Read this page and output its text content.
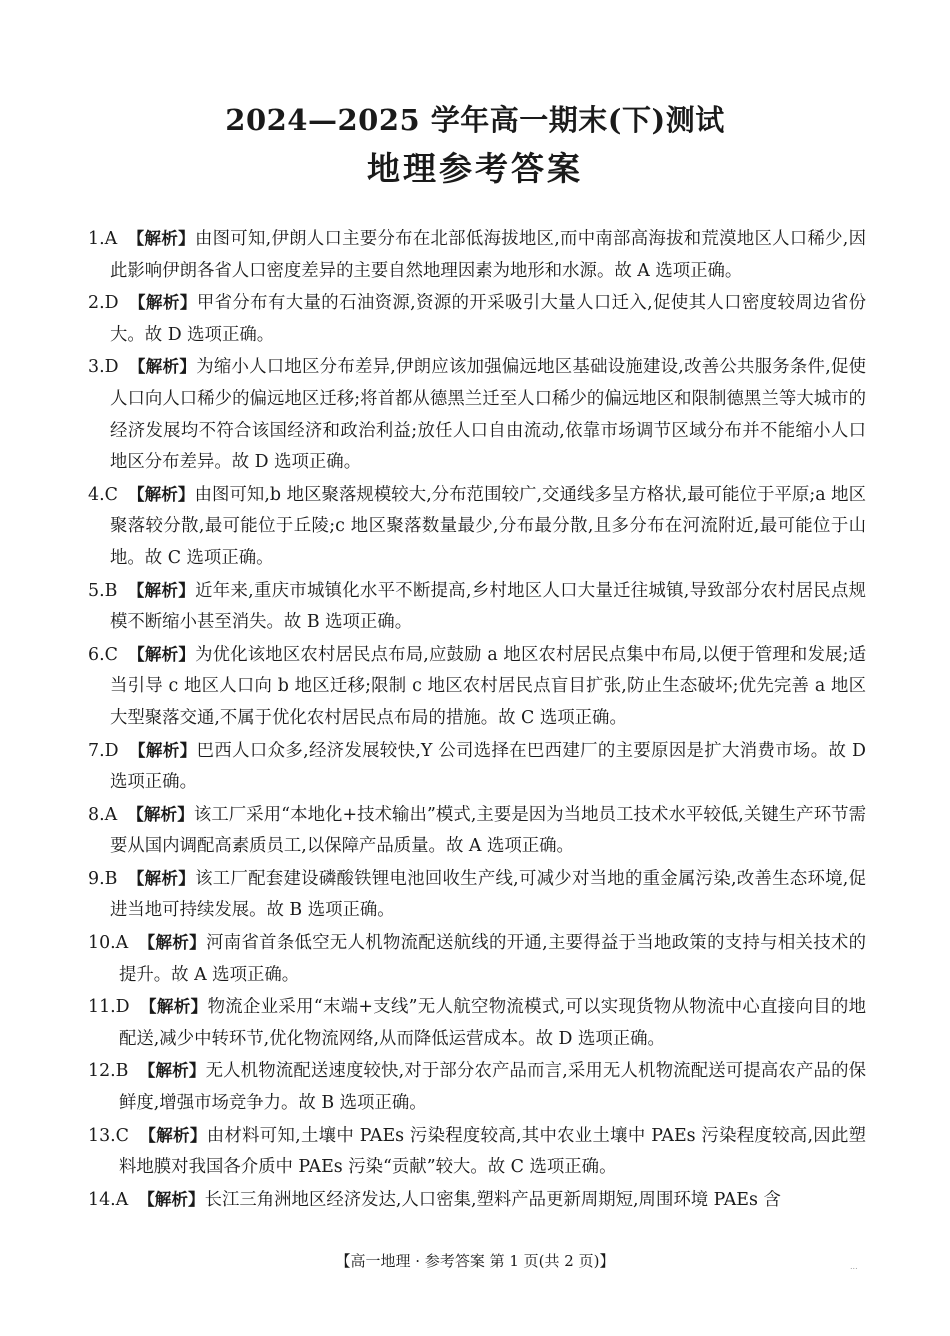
2024—2025 学年高一期末(下)测试
地理参考答案
1.A 【解析】由图可知,伊朗人口主要分布在北部低海拔地区,而中南部高海拔和荒漠地区人口稀少,因此影响伊朗各省人口密度差异的主要自然地理因素为地形和水源。故 A 选项正确。
2.D 【解析】甲省分布有大量的石油资源,资源的开采吸引大量人口迁入,促使其人口密度较周边省份大。故 D 选项正确。
3.D 【解析】为缩小人口地区分布差异,伊朗应该加强偏远地区基础设施建设,改善公共服务条件,促使人口向人口稀少的偏远地区迁移;将首都从德黑兰迁至人口稀少的偏远地区和限制德黑兰等大城市的经济发展均不符合该国经济和政治利益;放任人口自由流动,依靠市场调节区域分布并不能缩小人口地区分布差异。故 D 选项正确。
4.C 【解析】由图可知,b 地区聚落规模较大,分布范围较广,交通线多呈方格状,最可能位于平原;a 地区聚落较分散,最可能位于丘陵;c 地区聚落数量最少,分布最分散,且多分布在河流附近,最可能位于山地。故 C 选项正确。
5.B 【解析】近年来,重庆市城镇化水平不断提高,乡村地区人口大量迁往城镇,导致部分农村居民点规模不断缩小甚至消失。故 B 选项正确。
6.C 【解析】为优化该地区农村居民点布局,应鼓励 a 地区农村居民点集中布局,以便于管理和发展;适当引导 c 地区人口向 b 地区迁移;限制 c 地区农村居民点盲目扩张,防止生态破坏;优先完善 a 地区大型聚落交通,不属于优化农村居民点布局的措施。故 C 选项正确。
7.D 【解析】巴西人口众多,经济发展较快,Y 公司选择在巴西建厂的主要原因是扩大消费市场。故 D 选项正确。
8.A 【解析】该工厂采用“本地化+技术输出”模式,主要是因为当地员工技术水平较低,关键生产环节需要从国内调配高素质员工,以保障产品质量。故 A 选项正确。
9.B 【解析】该工厂配套建设磷酸铁锂电池回收生产线,可减少对当地的重金属污染,改善生态环境,促进当地可持续发展。故 B 选项正确。
10.A 【解析】河南省首条低空无人机物流配送航线的开通,主要得益于当地政策的支持与相关技术的提升。故 A 选项正确。
11.D 【解析】物流企业采用“末端+支线”无人航空物流模式,可以实现货物从物流中心直接向目的地配送,减少中转环节,优化物流网络,从而降低运营成本。故 D 选项正确。
12.B 【解析】无人机物流配送速度较快,对于部分农产品而言,采用无人机物流配送可提高农产品的保鲜度,增强市场竞争力。故 B 选项正确。
13.C 【解析】由材料可知,土壤中 PAEs 污染程度较高,其中农业土壤中 PAEs 污染程度较高,因此塑料地膜对我国各介质中 PAEs 污染“贡献”较大。故 C 选项正确。
14.A 【解析】长江三角洲地区经济发达,人口密集,塑料产品更新周期短,周围环境 PAEs 含

【高一地理 · 参考答案 第 1 页(共 2 页)】	...
